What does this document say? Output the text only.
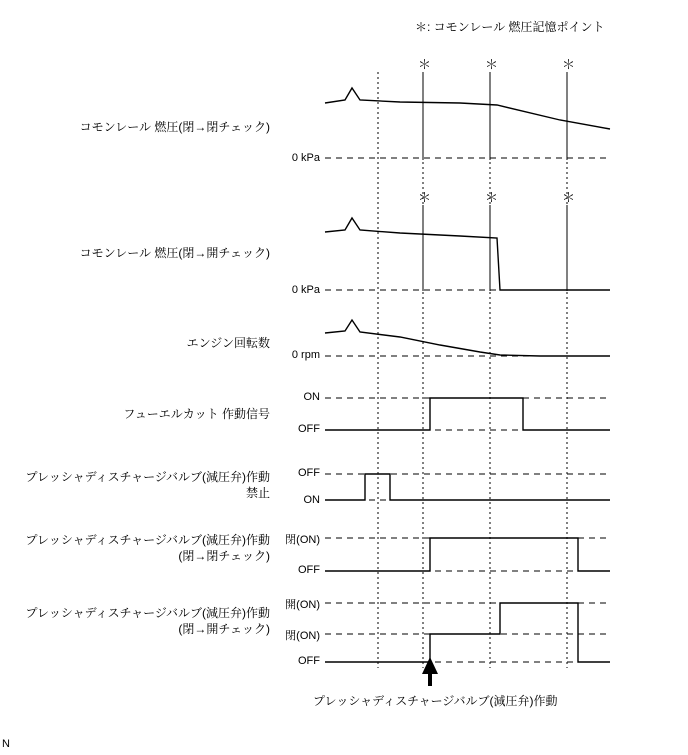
＊: コモンレール 燃圧記憶ポイント
コモンレール 燃圧(閉→閉チェック)
コモンレール 燃圧(閉→開チェック)
エンジン回転数
フューエルカット 作動信号
プレッシャディスチャージバルブ(減圧弁)作動禁止
プレッシャディスチャージバルブ(減圧弁)作動(閉→閉チェック)
プレッシャディスチャージバルブ(減圧弁)作動(閉→開チェック)
0 kPa
0 kPa
0 rpm
ON
OFF
OFF
ON
閉(ON)
OFF
開(ON)
閉(ON)
OFF
＊	＊	＊
＊	＊	＊
プレッシャディスチャージバルブ(減圧弁)作動
N
